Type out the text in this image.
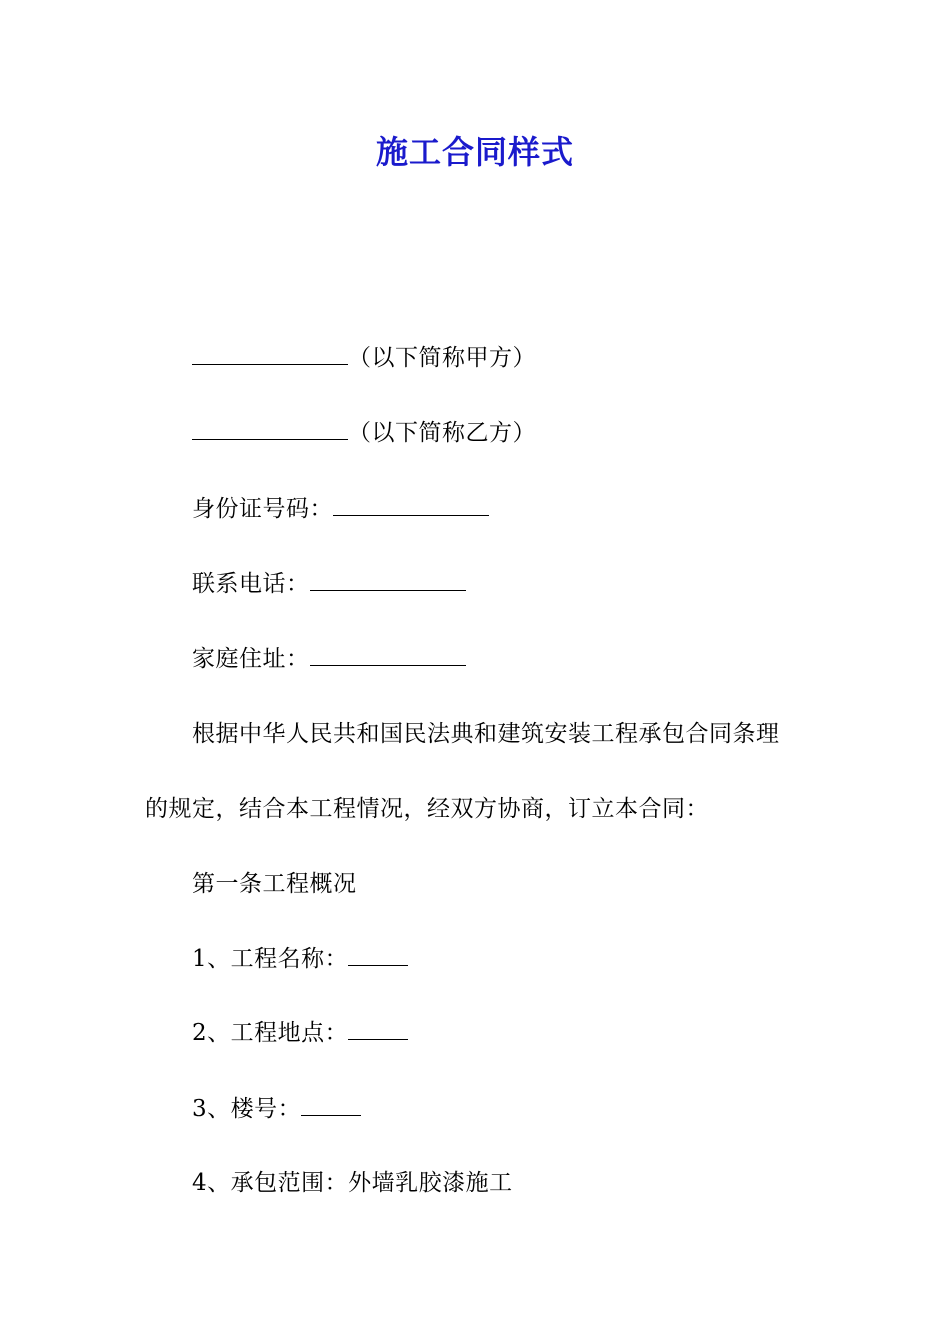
施工合同样式
（以下简称甲方）
（以下简称乙方）
身份证号码：
联系电话：
家庭住址：
根据中华人民共和国民法典和建筑安装工程承包合同条理
的规定，结合本工程情况，经双方协商，订立本合同：
第一条工程概况
1、工程名称：
2、工程地点：
3、楼号：
4、承包范围：外墙乳胶漆施工
